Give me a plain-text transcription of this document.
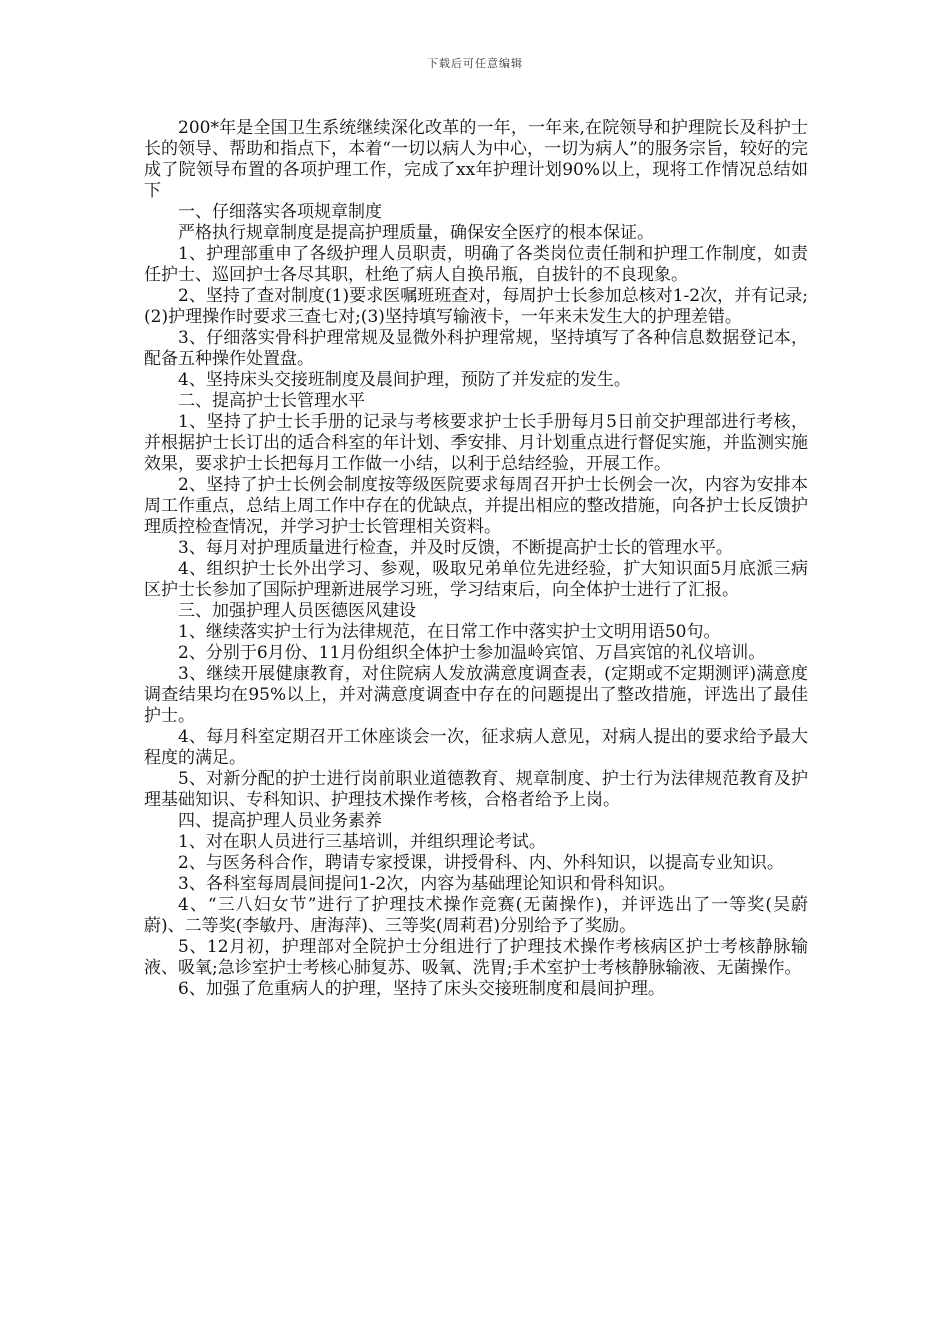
下载后可任意编辑

200*年是全国卫生系统继续深化改革的一年，一年来,在院领导和护理院长及科护士长的领导、帮助和指点下，本着“一切以病人为中心，一切为病人”的服务宗旨，较好的完成了院领导布置的各项护理工作，完成了xx年护理计划90%以上，现将工作情况总结如下

一、仔细落实各项规章制度

严格执行规章制度是提高护理质量，确保安全医疗的根本保证。

1、护理部重申了各级护理人员职责，明确了各类岗位责任制和护理工作制度，如责任护士、巡回护士各尽其职，杜绝了病人自换吊瓶，自拔针的不良现象。

2、坚持了查对制度(1)要求医嘱班班查对，每周护士长参加总核对1-2次，并有记录;(2)护理操作时要求三查七对;(3)坚持填写输液卡，一年来未发生大的护理差错。

3、仔细落实骨科护理常规及显微外科护理常规，坚持填写了各种信息数据登记本，配备五种操作处置盘。

4、坚持床头交接班制度及晨间护理，预防了并发症的发生。

二、提高护士长管理水平

1、坚持了护士长手册的记录与考核要求护士长手册每月5日前交护理部进行考核，并根据护士长订出的适合科室的年计划、季安排、月计划重点进行督促实施，并监测实施效果，要求护士长把每月工作做一小结，以利于总结经验，开展工作。

2、坚持了护士长例会制度按等级医院要求每周召开护士长例会一次，内容为安排本周工作重点，总结上周工作中存在的优缺点，并提出相应的整改措施，向各护士长反馈护理质控检查情况，并学习护士长管理相关资料。

3、每月对护理质量进行检查，并及时反馈，不断提高护士长的管理水平。

4、组织护士长外出学习、参观，吸取兄弟单位先进经验，扩大知识面5月底派三病区护士长参加了国际护理新进展学习班，学习结束后，向全体护士进行了汇报。

三、加强护理人员医德医风建设

1、继续落实护士行为法律规范，在日常工作中落实护士文明用语50句。

2、分别于6月份、11月份组织全体护士参加温岭宾馆、万昌宾馆的礼仪培训。

3、继续开展健康教育，对住院病人发放满意度调查表，(定期或不定期测评)满意度调查结果均在95%以上，并对满意度调查中存在的问题提出了整改措施，评选出了最佳护士。

4、每月科室定期召开工休座谈会一次，征求病人意见，对病人提出的要求给予最大程度的满足。

5、对新分配的护士进行岗前职业道德教育、规章制度、护士行为法律规范教育及护理基础知识、专科知识、护理技术操作考核，合格者给予上岗。

四、提高护理人员业务素养

1、对在职人员进行三基培训，并组织理论考试。

2、与医务科合作，聘请专家授课，讲授骨科、内、外科知识，以提高专业知识。

3、各科室每周晨间提问1-2次，内容为基础理论知识和骨科知识。

4、“三八妇女节”进行了护理技术操作竞赛(无菌操作)，并评选出了一等奖(吴蔚蔚)、二等奖(李敏丹、唐海萍)、三等奖(周莉君)分别给予了奖励。

5、12月初，护理部对全院护士分组进行了护理技术操作考核病区护士考核静脉输液、吸氧;急诊室护士考核心肺复苏、吸氧、洗胃;手术室护士考核静脉输液、无菌操作。

6、加强了危重病人的护理，坚持了床头交接班制度和晨间护理。
